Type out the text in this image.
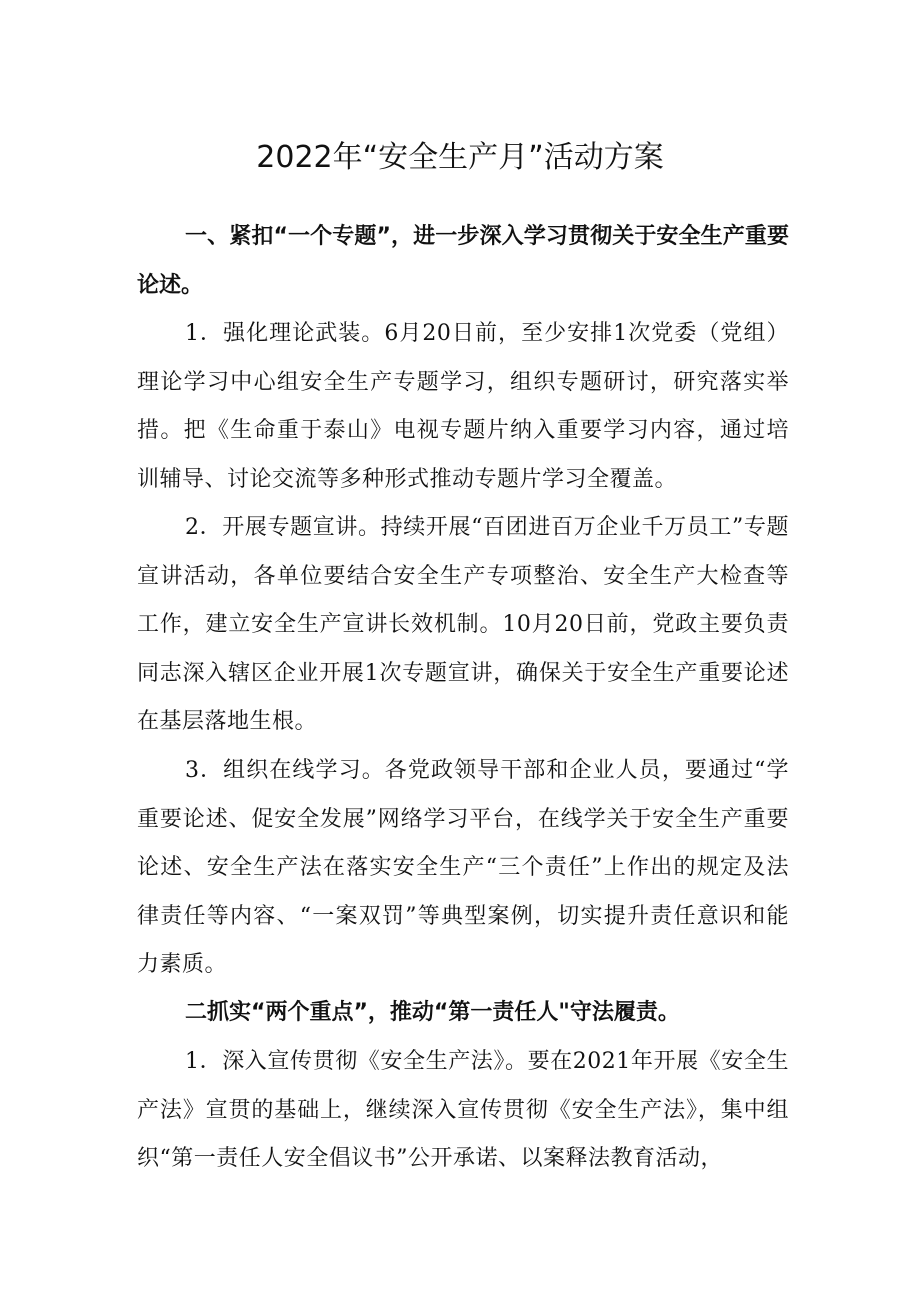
2022年“安全生产月”活动方案

一、紧扣“一个专题”，进一步深入学习贯彻关于安全生产重要论述。

1．强化理论武装。6月20日前，至少安排1次党委（党组）理论学习中心组安全生产专题学习，组织专题研讨，研究落实举措。把《生命重于泰山》电视专题片纳入重要学习内容，通过培训辅导、讨论交流等多种形式推动专题片学习全覆盖。

2．开展专题宣讲。持续开展“百团进百万企业千万员工”专题宣讲活动，各单位要结合安全生产专项整治、安全生产大检查等工作，建立安全生产宣讲长效机制。10月20日前，党政主要负责同志深入辖区企业开展1次专题宣讲，确保关于安全生产重要论述在基层落地生根。

3．组织在线学习。各党政领导干部和企业人员，要通过“学重要论述、促安全发展”网络学习平台，在线学关于安全生产重要论述、安全生产法在落实安全生产“三个责任”上作出的规定及法律责任等内容、“一案双罚”等典型案例，切实提升责任意识和能力素质。

二抓实“两个重点”，推动“第一责任人"守法履责。

1．深入宣传贯彻《安全生产法》。要在2021年开展《安全生产法》宣贯的基础上，继续深入宣传贯彻《安全生产法》，集中组织“第一责任人安全倡议书”公开承诺、以案释法教育活动，
